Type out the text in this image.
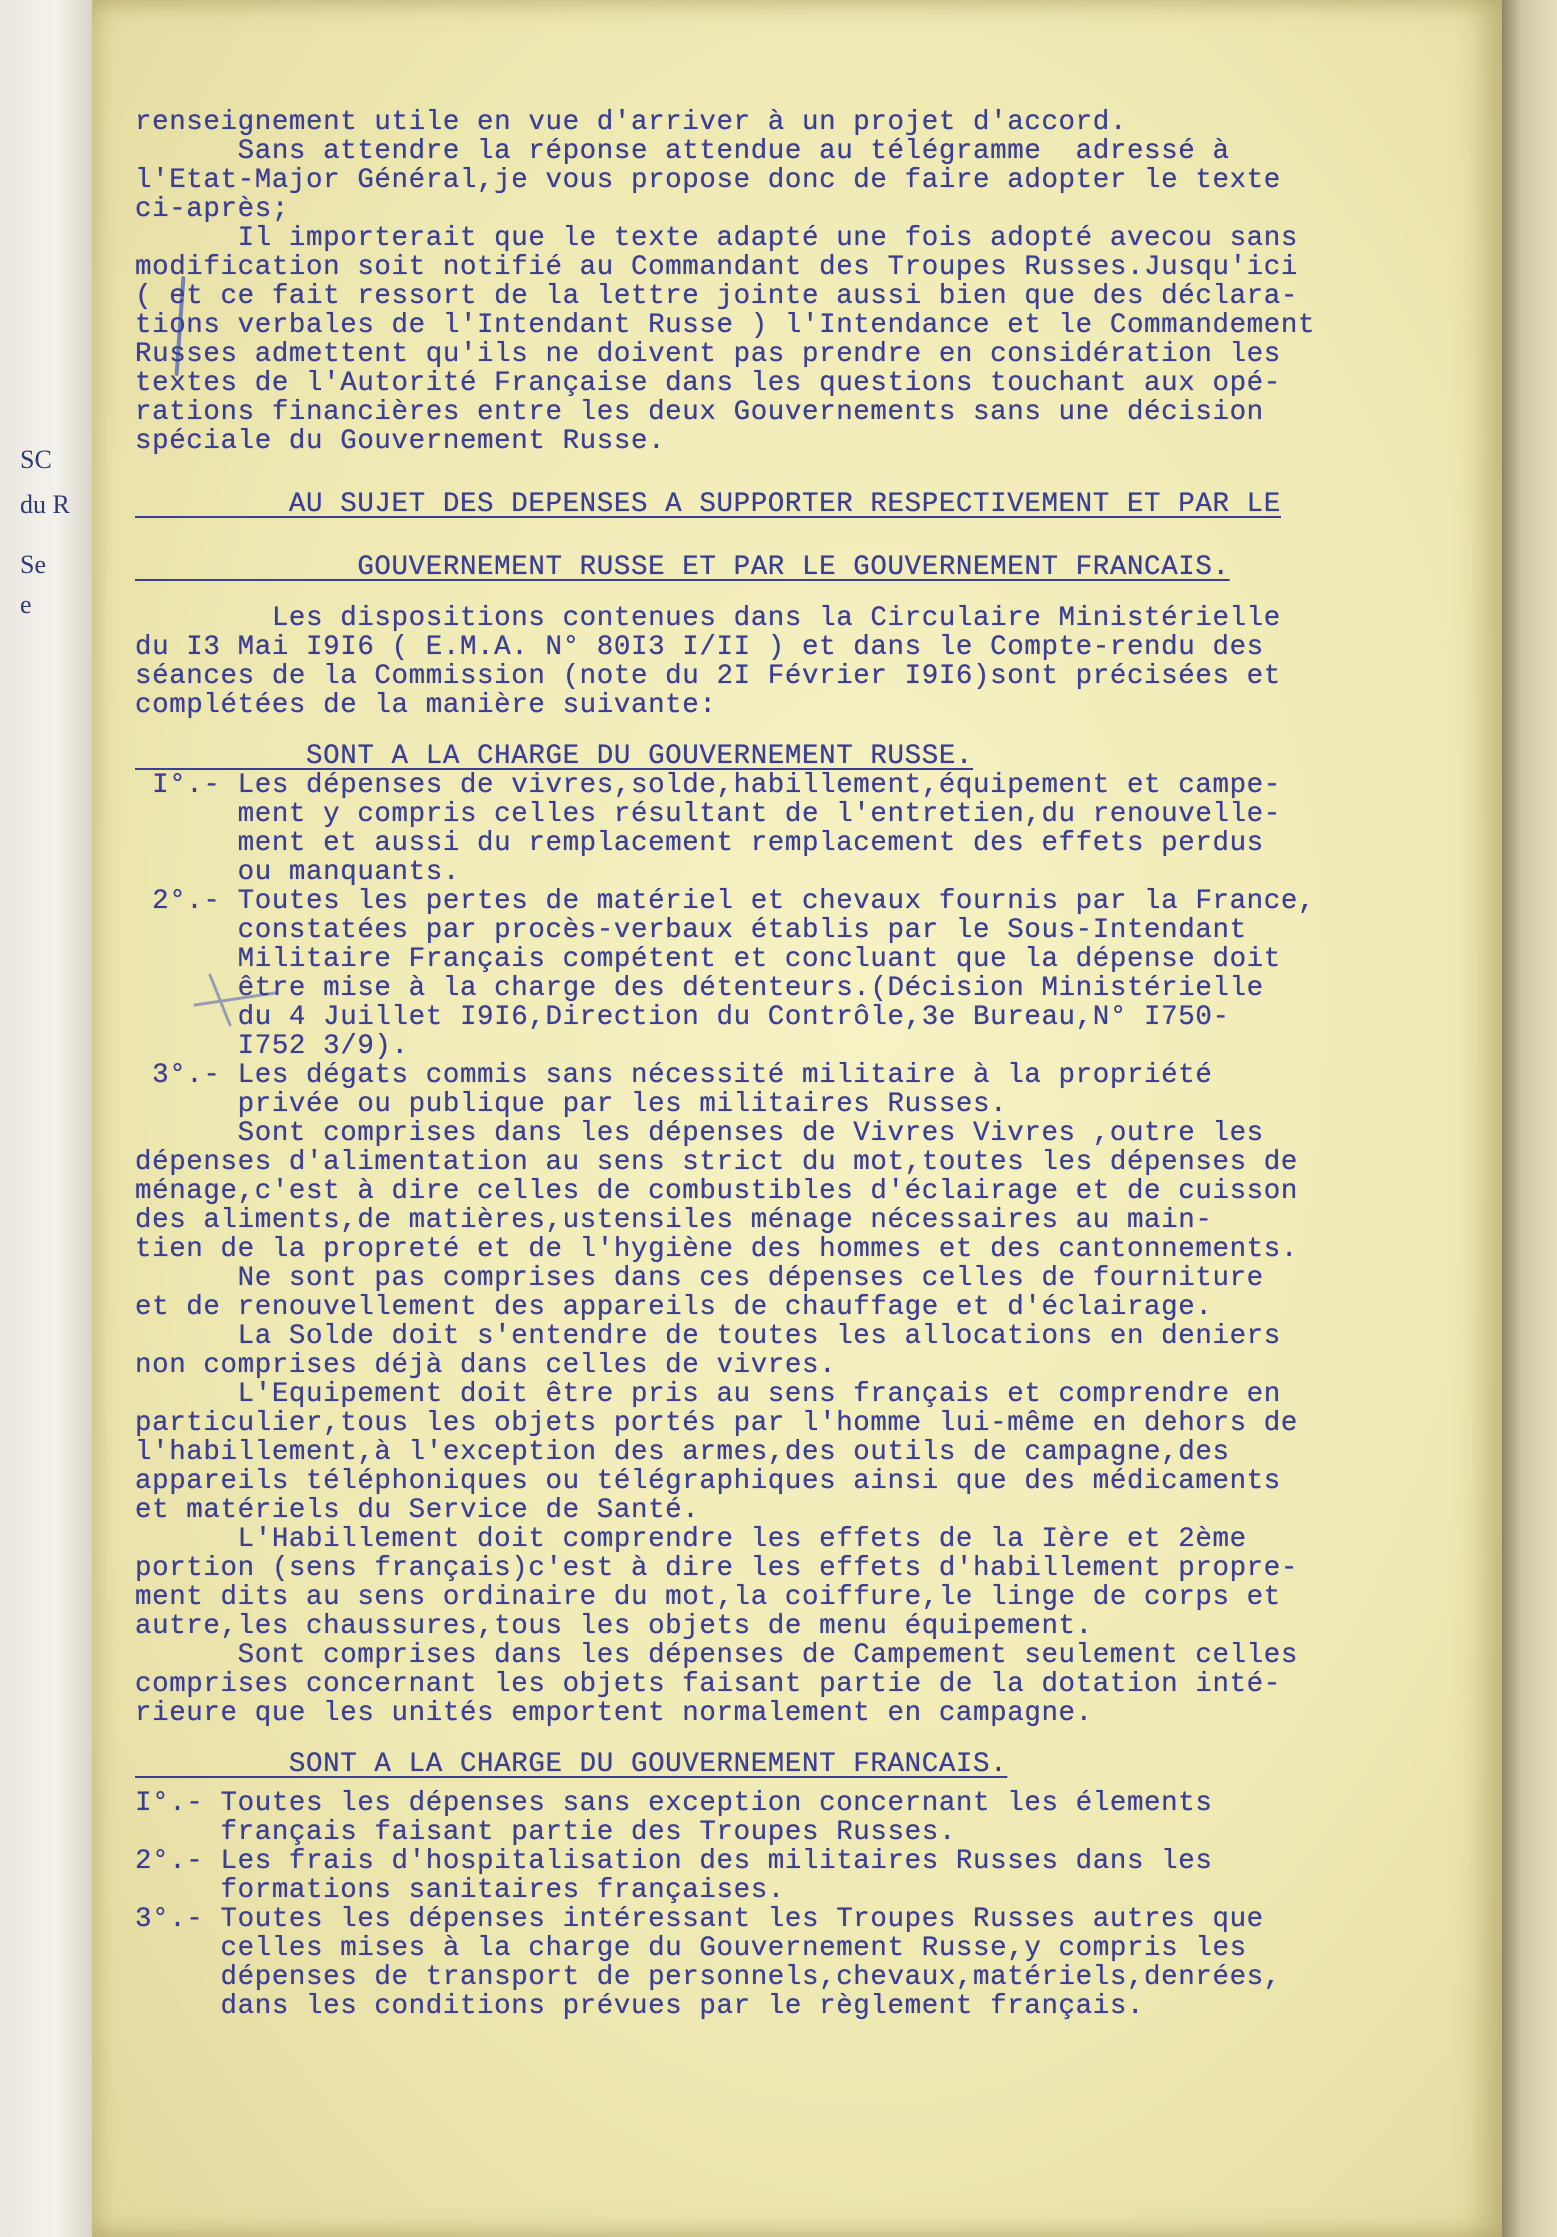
SC
du R
Se
e

renseignement utile en vue d'arriver à un projet d'accord.

Sans attendre la réponse attendue au télégramme  adressé à

l'Etat-Major Général,je vous propose donc de faire adopter le texte

ci-après;

Il importerait que le texte adapté une fois adopté avecou sans

modification soit notifié au Commandant des Troupes Russes.Jusqu'ici

( et ce fait ressort de la lettre jointe aussi bien que des déclara-

tions verbales de l'Intendant Russe ) l'Intendance et le Commandement

Russes admettent qu'ils ne doivent pas prendre en considération les

textes de l'Autorité Française dans les questions touchant aux opé-

rations financières entre les deux Gouvernements sans une décision

spéciale du Gouvernement Russe.

AU SUJET DES DEPENSES A SUPPORTER RESPECTIVEMENT ET PAR LE

GOUVERNEMENT RUSSE ET PAR LE GOUVERNEMENT FRANCAIS.

Les dispositions contenues dans la Circulaire Ministérielle

du I3 Mai I9I6 ( E.M.A. N° 80I3 I/II ) et dans le Compte-rendu des

séances de la Commission (note du 2I Février I9I6)sont précisées et

complétées de la manière suivante:

SONT A LA CHARGE DU GOUVERNEMENT RUSSE.

I°.- Les dépenses de vivres,solde,habillement,équipement et campe-

ment y compris celles résultant de l'entretien,du renouvelle-

ment et aussi du remplacement remplacement des effets perdus

ou manquants.

2°.- Toutes les pertes de matériel et chevaux fournis par la France,

constatées par procès-verbaux établis par le Sous-Intendant

Militaire Français compétent et concluant que la dépense doit

être mise à la charge des détenteurs.(Décision Ministérielle

du 4 Juillet I9I6,Direction du Contrôle,3e Bureau,N° I750-

I752 3/9).

3°.- Les dégats commis sans nécessité militaire à la propriété

privée ou publique par les militaires Russes.

Sont comprises dans les dépenses de Vivres Vivres ,outre les

dépenses d'alimentation au sens strict du mot,toutes les dépenses de

ménage,c'est à dire celles de combustibles d'éclairage et de cuisson

des aliments,de matières,ustensiles ménage nécessaires au main-

tien de la propreté et de l'hygiène des hommes et des cantonnements.

Ne sont pas comprises dans ces dépenses celles de fourniture

et de renouvellement des appareils de chauffage et d'éclairage.

La Solde doit s'entendre de toutes les allocations en deniers

non comprises déjà dans celles de vivres.

L'Equipement doit être pris au sens français et comprendre en

particulier,tous les objets portés par l'homme lui-même en dehors de

l'habillement,à l'exception des armes,des outils de campagne,des

appareils téléphoniques ou télégraphiques ainsi que des médicaments

et matériels du Service de Santé.

L'Habillement doit comprendre les effets de la Ière et 2ème

portion (sens français)c'est à dire les effets d'habillement propre-

ment dits au sens ordinaire du mot,la coiffure,le linge de corps et

autre,les chaussures,tous les objets de menu équipement.

Sont comprises dans les dépenses de Campement seulement celles

comprises concernant les objets faisant partie de la dotation inté-

rieure que les unités emportent normalement en campagne.

SONT A LA CHARGE DU GOUVERNEMENT FRANCAIS.

I°.- Toutes les dépenses sans exception concernant les élements

français faisant partie des Troupes Russes.

2°.- Les frais d'hospitalisation des militaires Russes dans les

formations sanitaires françaises.

3°.- Toutes les dépenses intéressant les Troupes Russes autres que

celles mises à la charge du Gouvernement Russe,y compris les

dépenses de transport de personnels,chevaux,matériels,denrées,

dans les conditions prévues par le règlement français.
